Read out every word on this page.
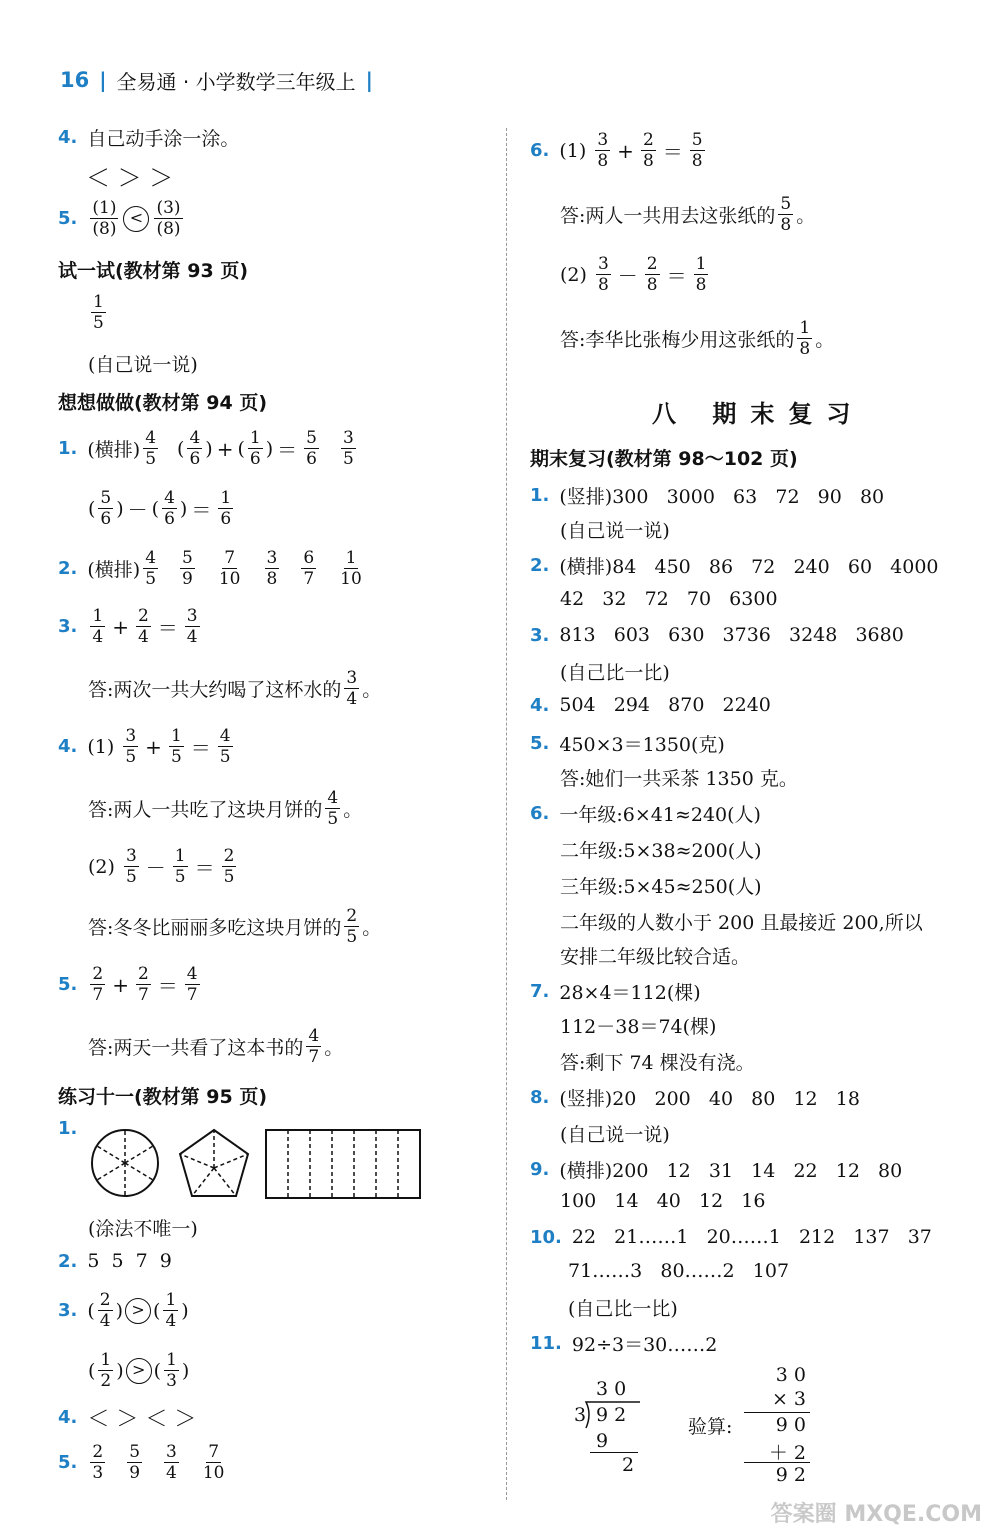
16 | 全易通 · 小学数学三年级上 |
4. 自己动手涂一涂。
＜ ＞ ＞
5. $\frac{(1)}{(8)} < \frac{(3)}{(8)}$
试一试(教材第 93 页)
$\frac{1}{5}$
(自己说一说)
想想做做(教材第 94 页)
1. (横排) $\frac{4}{5}$ ( $\frac{4}{6}$ ) + ( $\frac{1}{6}$ ) ＝ $\frac{5}{6} \frac{3}{5}$
( $\frac{5}{6}$ ) － ( $\frac{4}{6}$ ) ＝ $\frac{1}{6}$
2. (横排) $\frac{4}{5} \frac{5}{9} \frac{7}{10} \frac{3}{8} \frac{6}{7} \frac{1}{10}$
3. $\frac{1}{4} + \frac{2}{4} = \frac{3}{4}$
答:两次一共大约喝了这杯水的 $\frac{3}{4}$ 。
4. (1)
$\frac{3}{5} + \frac{1}{5} = \frac{4}{5}$
答:两人一共吃了这块月饼的 $\frac{4}{5}$ 。
(2)
$\frac{3}{5} - \frac{1}{5} = \frac{2}{5}$
答:冬冬比丽丽多吃这块月饼的 $\frac{2}{5}$ 。
5. $\frac{2}{7} + \frac{2}{7} = \frac{4}{7}$
答:两天一共看了这本书的 $\frac{4}{7}$ 。
练习十一(教材第 95 页)
1.
(涂法不唯一)
2. 5 5 7 9
3. ( $\frac{2}{4}$ ) > ( $\frac{1}{4}$ )
( $\frac{1}{2}$ ) > ( $\frac{1}{3}$ )
4. ＜ ＞ ＜ ＞
5. $\frac{2}{3} \frac{5}{9} \frac{3}{4} \frac{7}{10}$
6. (1)
$\frac{3}{8} + \frac{2}{8} = \frac{5}{8}$
答:两人一共用去这张纸的 $\frac{5}{8}$ 。
(2)
$\frac{3}{8} - \frac{2}{8} = \frac{1}{8}$
答:李华比张梅少用这张纸的 $\frac{1}{8}$ 。
八 期末复习
期末复习(教材第 98～102 页)
1. (竖排)300   3000   63   72   90   80
(自己说一说)
2. (横排)84   450   86   72   240   60   4000
42   32   72   70   6300
3. 813   603   630   3736   3248   3680
(自己比一比)
4. 504   294   870   2240
5. 450×3＝1350(克)
答:她们一共采茶 1350 克。
6. 一年级:6×41≈240(人)
二年级:5×38≈200(人)
三年级:5×45≈250(人)
二年级的人数小于 200 且最接近 200,所以
安排二年级比较合适。
7. 28×4＝112(棵)
112－38＝74(棵)
答:剩下 74 棵没有浇。
8. (竖排)20   200   40   80   12   18
(自己说一说)
9. (横排)200   12   31   14   22   12   80
100   14   40   12   16
10. 22   21……1   20……1   212   137   37
71……3   80……2   107
(自己比一比)
11. 92÷3＝30……2
3 0
3 9 2
9
2
验算:
3 0
× 3
9 0
＋ 2
9 2
答案圈 MXQE.COM
